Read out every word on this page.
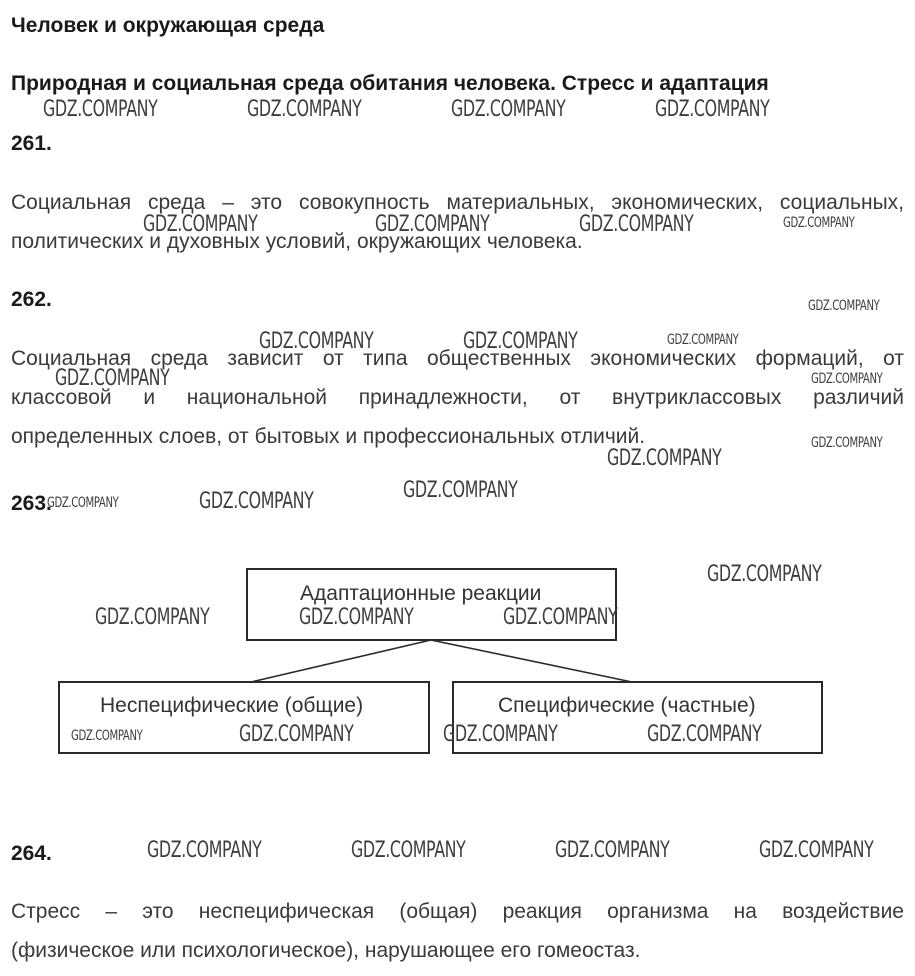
Человек и окружающая среда
Природная и социальная среда обитания человека. Стресс и адаптация
261.
Социальная среда – это совокупность материальных, экономических, социальных,
политических и духовных условий, окружающих человека.
262.
Социальная среда зависит от типа общественных экономических формаций, от
классовой и национальной принадлежности, от внутриклассовых различий
определенных слоев, от бытовых и профессиональных отличий.
263.
Адаптационные реакции
Неспецифические (общие)	Специфические (частные)
264.
Стресс – это неспецифическая (общая) реакция организма на воздействие
(физическое или психологическое), нарушающее его гомеостаз.
GDZ.COMPANY	GDZ.COMPANY	GDZ.COMPANY	GDZ.COMPANY
GDZ.COMPANY	GDZ.COMPANY	GDZ.COMPANY	GDZ.COMPANY
GDZ.COMPANY
GDZ.COMPANY	GDZ.COMPANY	GDZ.COMPANY
GDZ.COMPANY	GDZ.COMPANY
GDZ.COMPANY
GDZ.COMPANY
GDZ.COMPANY
GDZ.COMPANY	GDZ.COMPANY
GDZ.COMPANY
GDZ.COMPANY	GDZ.COMPANY	GDZ.COMPANY
GDZ.COMPANY	GDZ.COMPANY	GDZ.COMPANY	GDZ.COMPANY
GDZ.COMPANY	GDZ.COMPANY	GDZ.COMPANY	GDZ.COMPANY
